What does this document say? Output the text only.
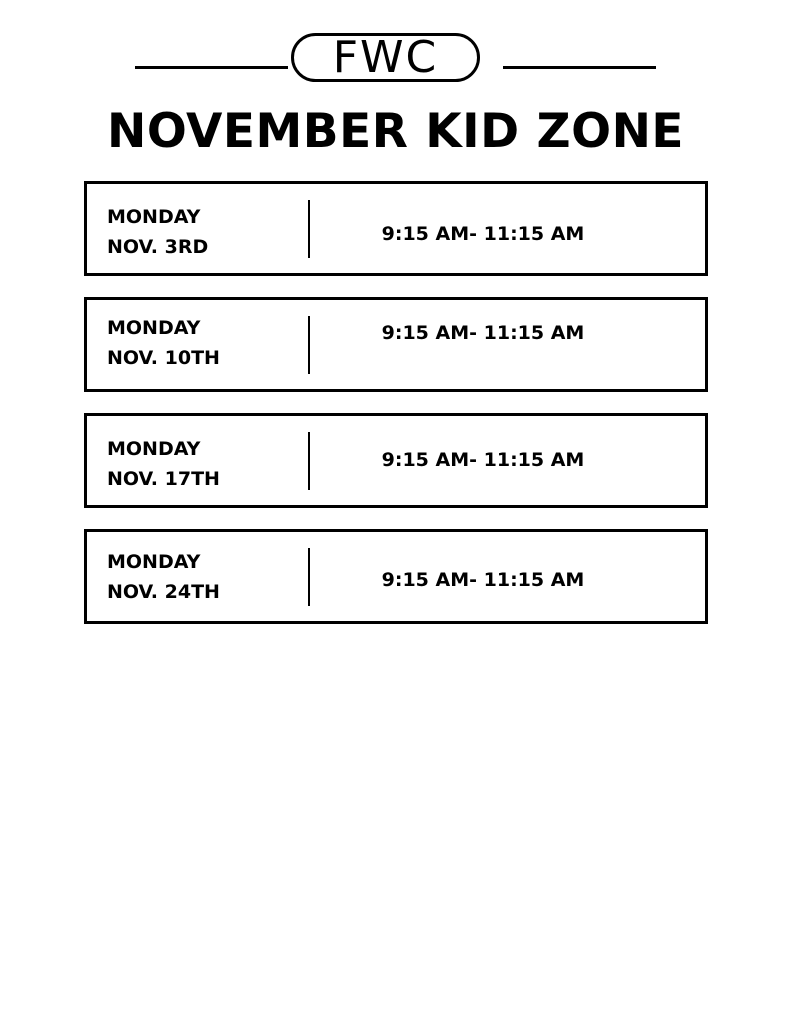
FWC
NOVEMBER KID ZONE
MONDAY
NOV. 3RD
9:15 AM- 11:15 AM
MONDAY
NOV. 10TH
9:15 AM- 11:15 AM
MONDAY
NOV. 17TH
9:15 AM- 11:15 AM
MONDAY
NOV. 24TH
9:15 AM- 11:15 AM
